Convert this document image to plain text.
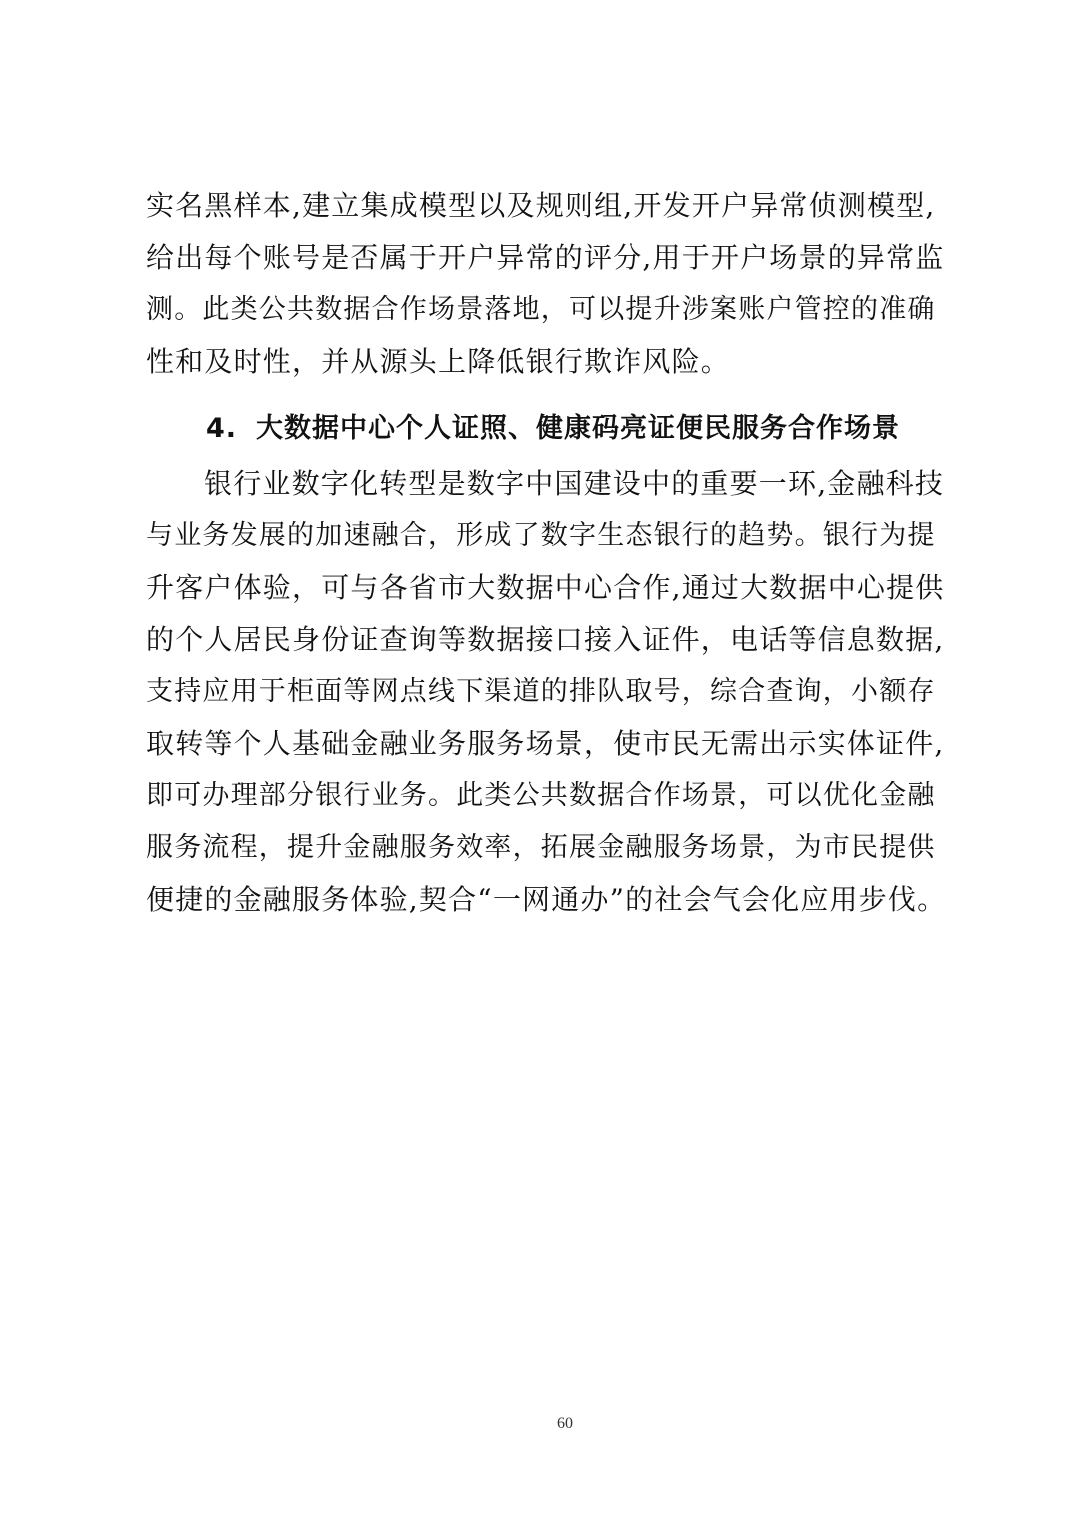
实名黑样本,建立集成模型以及规则组,开发开户异常侦测模型,
给出每个账号是否属于开户异常的评分,用于开户场景的异常监
测。此类公共数据合作场景落地，可以提升涉案账户管控的准确
性和及时性，并从源头上降低银行欺诈风险。
4. 大数据中心个人证照、健康码亮证便民服务合作场景
银行业数字化转型是数字中国建设中的重要一环,金融科技
与业务发展的加速融合，形成了数字生态银行的趋势。银行为提
升客户体验，可与各省市大数据中心合作,通过大数据中心提供
的个人居民身份证查询等数据接口接入证件，电话等信息数据,
支持应用于柜面等网点线下渠道的排队取号，综合查询，小额存
取转等个人基础金融业务服务场景，使市民无需出示实体证件,
即可办理部分银行业务。此类公共数据合作场景，可以优化金融
服务流程，提升金融服务效率，拓展金融服务场景，为市民提供
便捷的金融服务体验,契合“一网通办”的社会气会化应用步伐。
60
